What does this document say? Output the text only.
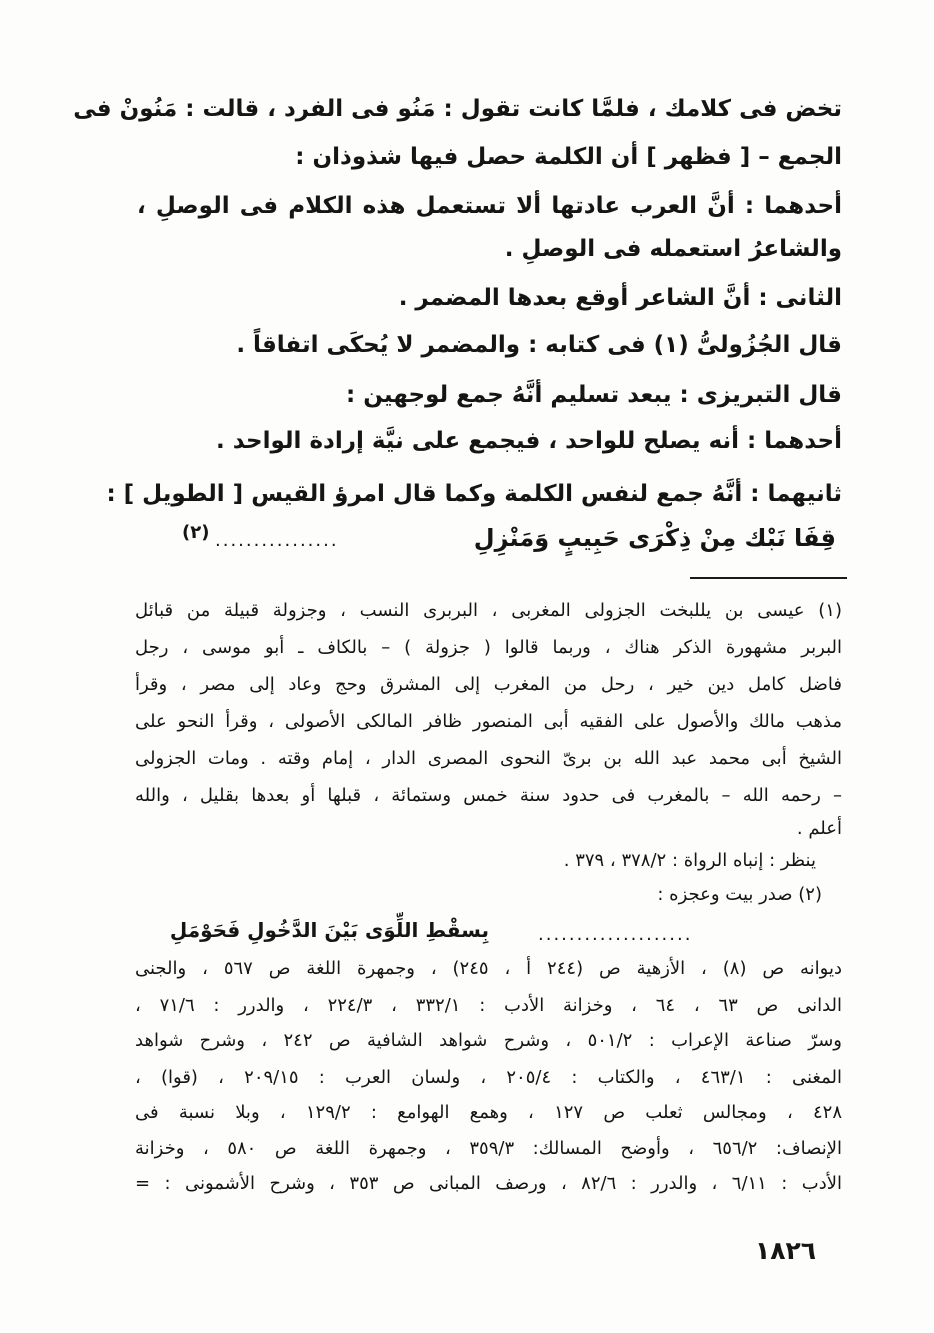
تخض فى كلامك ، فلمَّا كانت تقول : مَنُو فى الفرد ، قالت : مَنُونْ فى
الجمع – [ فظهر ] أن الكلمة حصل فيها شذوذان :
أحدهما : أنَّ العرب عادتها ألا تستعمل هذه الكلام فى الوصلِ ،
والشاعرُ استعمله فى الوصلِ .
الثانى : أنَّ الشاعر أوقع بعدها المضمر .
قال الجُزُولىُّ (١) فى كتابه : والمضمر لا يُحكَى اتفاقاً .
قال التبريزى : يبعد تسليم أنَّهُ جمع لوجهين :
أحدهما : أنه يصلح للواحد ، فيجمع على نيَّة إرادة الواحد .
ثانيهما : أنَّهُ جمع لنفس الكلمة وكما قال امرؤ القيس [ الطويل ] :
قِفَا نَبْك مِنْ ذِكْرَى حَبِيبٍ وَمَنْزِلِ
................
(٢)
(١) عيسى بن يللبخت الجزولى المغربى ، البربرى النسب ، وجزولة قبيلة من قبائل
البربر مشهورة الذكر هناك ، وربما قالوا ( جزولة ) – بالكاف ـ أبو موسى ، رجل
فاضل كامل دين خير ، رحل من المغرب إلى المشرق وحج وعاد إلى مصر ، وقرأ
مذهب مالك والأصول على الفقيه أبى المنصور ظافر المالكى الأصولى ، وقرأ النحو على
الشيخ أبى محمد عبد الله بن برىّ النحوى المصرى الدار ، إمام وقته . ومات الجزولى
– رحمه الله – بالمغرب فى حدود سنة خمس وستمائة ، قبلها أو بعدها بقليل ، والله
أعلم .
ينظر : إنباه الرواة : ٣٧٨/٢ ، ٣٧٩ .
(٢) صدر بيت وعجزه :
بِسقْطِ اللِّوَى بَيْنَ الدَّخُولِ فَحَوْمَلِ	....................
ديوانه ص (٨) ، الأزهية ص (٢٤٤ أ ، ٢٤٥) ، وجمهرة اللغة ص ٥٦٧ ، والجنى
الدانى ص ٦٣ ، ٦٤ ، وخزانة الأدب : ٣٣٢/١ ، ٢٢٤/٣ ، والدرر : ٧١/٦ ،
وسرّ صناعة الإعراب : ٥٠١/٢ ، وشرح شواهد الشافية ص ٢٤٢ ، وشرح شواهد
المغنى : ٤٦٣/١ ، والكتاب : ٢٠٥/٤ ، ولسان العرب : ٢٠٩/١٥ ، (قوا) ،
٤٢٨ ، ومجالس ثعلب ص ١٢٧ ، وهمع الهوامع : ١٢٩/٢ ، وبلا نسبة فى
الإنصاف: ٦٥٦/٢ ، وأوضح المسالك: ٣٥٩/٣ ، وجمهرة اللغة ص ٥٨٠ ، وخزانة
الأدب : ٦/١١ ، والدرر : ٨٢/٦ ، ورصف المبانى ص ٣٥٣ ، وشرح الأشمونى : =
١٨٢٦
